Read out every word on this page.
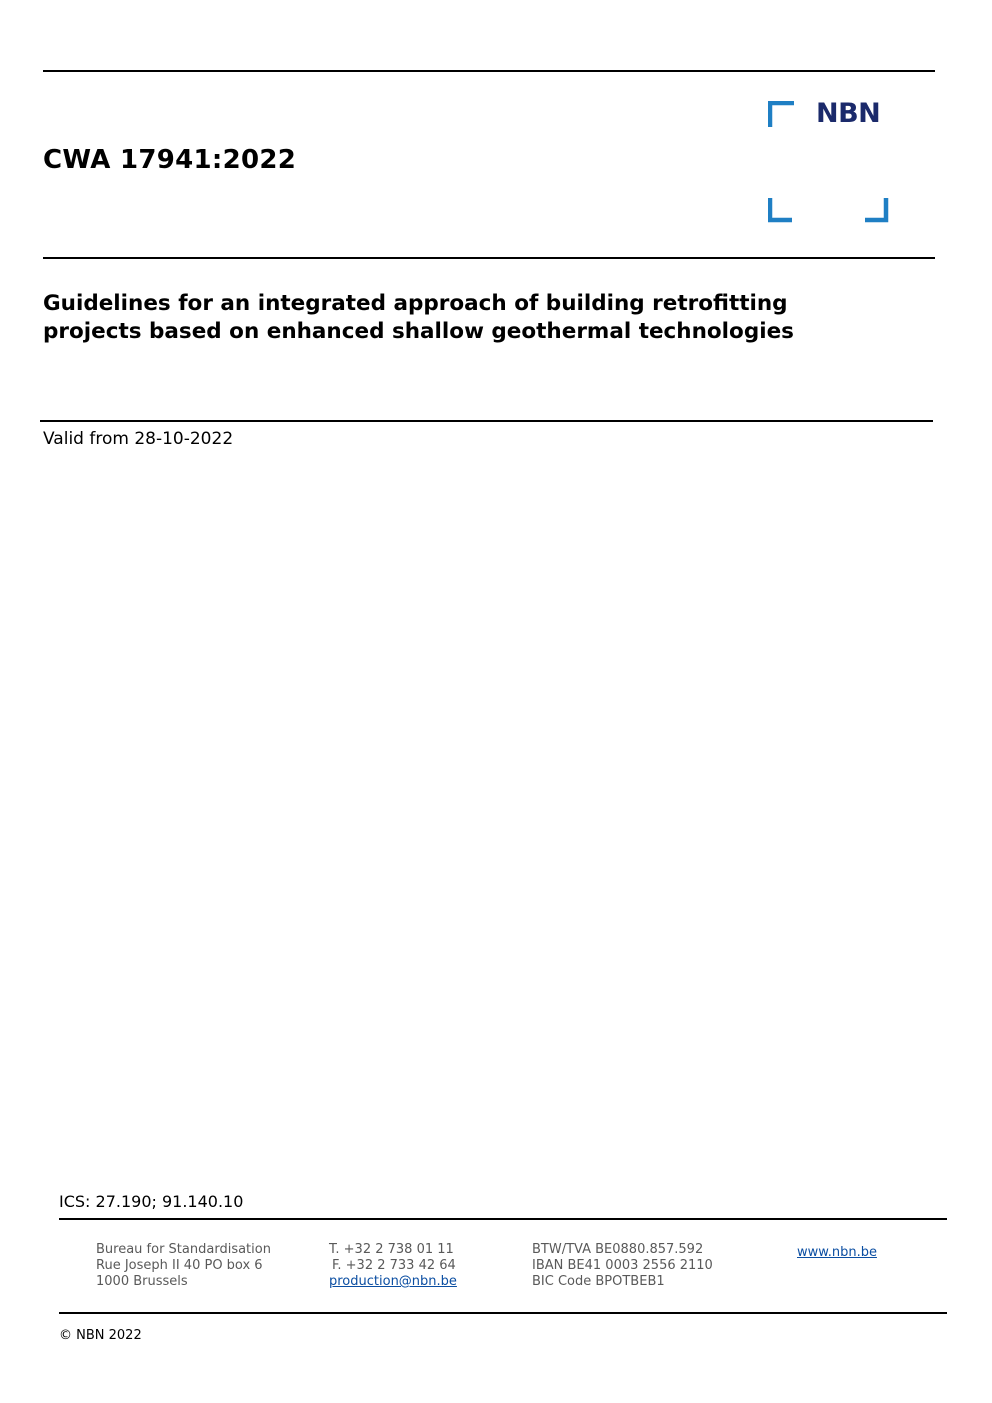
CWA 17941:2022
NBN
Guidelines for an integrated approach of building retrofitting
projects based on enhanced shallow geothermal technologies

Valid from 28-10-2022

ICS: 27.190; 91.140.10

Bureau for Standardisation
Rue Joseph II 40 PO box 6
1000 Brussels
T. +32 2 738 01 11
F. +32 2 733 42 64
production@nbn.be
BTW/TVA BE0880.857.592
IBAN BE41 0003 2556 2110
BIC Code BPOTBEB1
www.nbn.be
© NBN 2022
